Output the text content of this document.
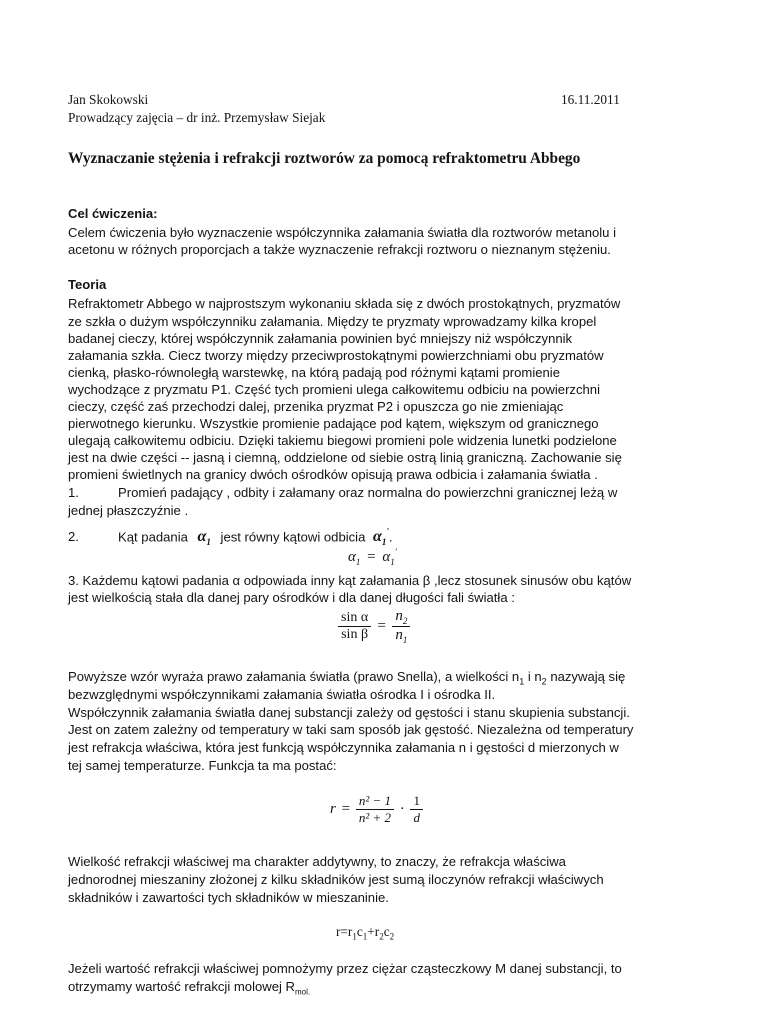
Jan Skokowski	16.11.2011
Prowadzący zajęcia – dr inż. Przemysław Siejak
Wyznaczanie stężenia i refrakcji roztworów za pomocą refraktometru Abbego
Cel ćwiczenia:
Celem ćwiczenia było wyznaczenie współczynnika załamania światła dla roztworów metanolu i
acetonu w różnych proporcjach a także wyznaczenie refrakcji roztworu o nieznanym stężeniu.
Teoria
Refraktometr Abbego w najprostszym wykonaniu składa się z dwóch prostokątnych, pryzmatów
ze szkła o dużym współczynniku załamania. Między te pryzmaty wprowadzamy kilka kropel
badanej cieczy, której współczynnik załamania powinien być mniejszy niż współczynnik
załamania szkła. Ciecz tworzy między przeciwprostokątnymi powierzchniami obu pryzmatów
cienką, płasko-równoległą warstewkę, na którą padają pod różnymi kątami promienie
wychodzące z pryzmatu P1. Część tych promieni ulega całkowitemu odbiciu na powierzchni
cieczy, część zaś przechodzi dalej, przenika pryzmat P2 i opuszcza go nie zmieniając
pierwotnego kierunku. Wszystkie promienie padające pod kątem, większym od granicznego
ulegają całkowitemu odbiciu. Dzięki takiemu biegowi promieni pole widzenia lunetki podzielone
jest na dwie części -- jasną i ciemną, oddzielone od siebie ostrą linią graniczną. Zachowanie się
promieni świetlnych na granicy dwóch ośrodków opisują prawa odbicia i załamania światła .
1.	Promień padający , odbity i załamany oraz normalna do powierzchni granicznej leżą w
jednej płaszczyźnie .
2.	Kąt padania $\alpha_1$ jest równy kątowi odbicia $\alpha_1'$.
$\alpha_1 = \alpha_1'$
3. Każdemu kątowi padania α odpowiada inny kąt załamania β ,lecz stosunek sinusów obu kątów
jest wielkością stała dla danej pary ośrodków i dla danej długości fali światła :
$\frac{\text{sin α}}{\text{sin β}} = \frac{n_2}{n_1}$
Powyższe wzór wyraża prawo załamania światła (prawo Snella), a wielkości $n_1$ i $n_2$ nazywają się
bezwzględnymi współczynnikami załamania światła ośrodka I i ośrodka II.
Współczynnik załamania światła danej substancji zależy od gęstości i stanu skupienia substancji.
Jest on zatem zależny od temperatury w taki sam sposób jak gęstość. Niezależna od temperatury
jest refrakcja właściwa, która jest funkcją współczynnika załamania n i gęstości d mierzonych w
tej samej temperaturze. Funkcja ta ma postać:
$r = \frac{\text{n² − 1}}{\text{n² + 2}} \cdot \frac{1}{d}$
Wielkość refrakcji właściwej ma charakter addytywny, to znaczy, że refrakcja właściwa
jednorodnej mieszaniny złożonej z kilku składników jest sumą iloczynów refrakcji właściwych
składników i zawartości tych składników w mieszaninie.
$r=r_1c_1+r_2c_2$
Jeżeli wartość refrakcji właściwej pomnożymy przez ciężar cząsteczkowy M danej substancji, to
otrzymamy wartość refrakcji molowej $R_{mol.}$
